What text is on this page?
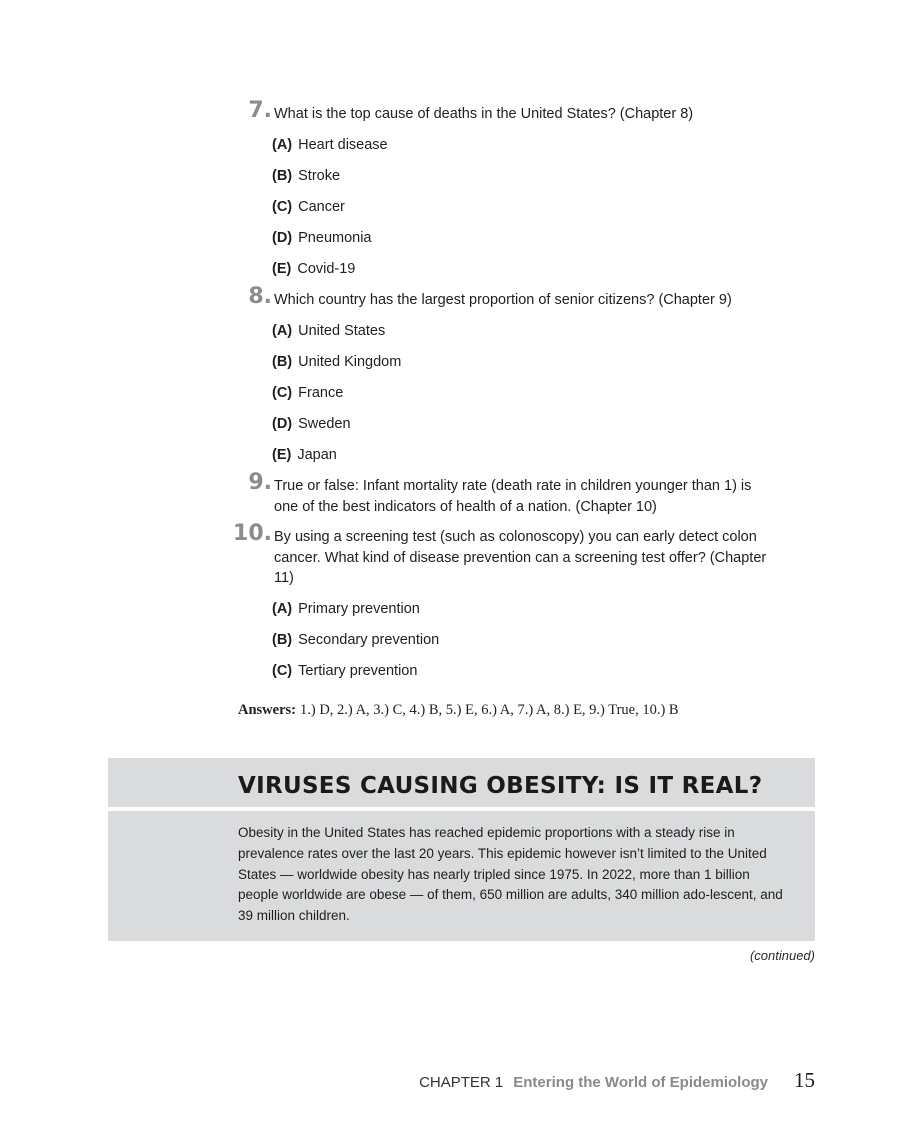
7. What is the top cause of deaths in the United States? (Chapter 8)
(A) Heart disease
(B) Stroke
(C) Cancer
(D) Pneumonia
(E) Covid-19
8. Which country has the largest proportion of senior citizens? (Chapter 9)
(A) United States
(B) United Kingdom
(C) France
(D) Sweden
(E) Japan
9. True or false: Infant mortality rate (death rate in children younger than 1) is one of the best indicators of health of a nation. (Chapter 10)
10. By using a screening test (such as colonoscopy) you can early detect colon cancer. What kind of disease prevention can a screening test offer? (Chapter 11)
(A) Primary prevention
(B) Secondary prevention
(C) Tertiary prevention
Answers: 1.) D, 2.) A, 3.) C, 4.) B, 5.) E, 6.) A, 7.) A, 8.) E, 9.) True, 10.) B
VIRUSES CAUSING OBESITY: IS IT REAL?

Obesity in the United States has reached epidemic proportions with a steady rise in prevalence rates over the last 20 years. This epidemic however isn’t limited to the United States — worldwide obesity has nearly tripled since 1975. In 2022, more than 1 billion people worldwide are obese — of them, 650 million are adults, 340 million ado-lescent, and 39 million children.

(continued)
CHAPTER 1 Entering the World of Epidemiology 15
